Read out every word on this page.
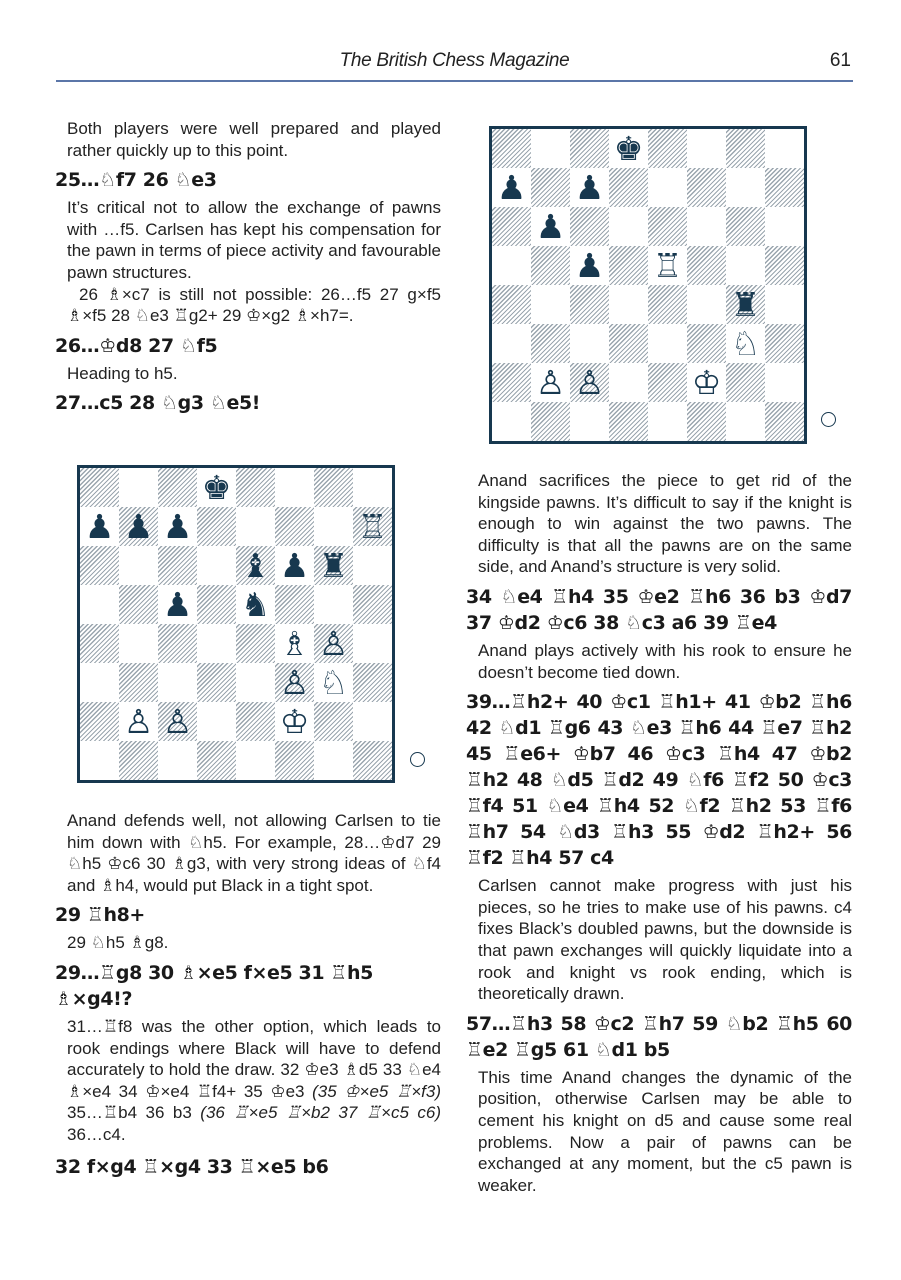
The British Chess Magazine	61

Both players were well prepared and played rather quickly up to this point.

25…♘f7 26 ♘e3

It’s critical not to allow the exchange of pawns with …f5. Carlsen has kept his compensation for the pawn in terms of piece activity and favourable pawn structures.

26 ♗×c7 is still not possible: 26…f5 27 g×f5 ♗×f5 28 ♘e3 ♖g2+ 29 ♔×g2 ♗×h7=.

26…♔d8 27 ♘f5

Heading to h5.

27…c5 28 ♘g3 ♘e5!
♚
♟ ♟ ♟	♖
♝ ♟ ♜
♟ ♞
♗ ♙
♙ ♘
♙ ♙	♔

Anand defends well, not allowing Carlsen to tie him down with ♘h5. For example, 28…♔d7 29 ♘h5 ♔c6 30 ♗g3, with very strong ideas of ♘f4 and ♗h4, would put Black in a tight spot.

29 ♖h8+

29 ♘h5 ♗g8.

29…♖g8 30 ♗×e5 f×e5 31 ♖h5 ♗×g4!?

31…♖f8 was the other option, which leads to rook endings where Black will have to defend accurately to hold the draw. 32 ♔e3 ♗d5 33 ♘e4 ♗×e4 34 ♔×e4 ♖f4+ 35 ♔e3 (35 ♔×e5 ♖×f3) 35…♖b4 36 b3 (36 ♖×e5 ♖×b2 37 ♖×c5 c6) 36…c4.

32 f×g4 ♖×g4 33 ♖×e5 b6
♚
♟ ♟
♟
♟ ♖
♜
♘
♙ ♙	♔

Anand sacrifices the piece to get rid of the kingside pawns. It’s difficult to say if the knight is enough to win against the two pawns. The difficulty is that all the pawns are on the same side, and Anand’s structure is very solid.

34 ♘e4 ♖h4 35 ♔e2 ♖h6 36 b3 ♔d7 37 ♔d2 ♔c6 38 ♘c3 a6 39 ♖e4

Anand plays actively with his rook to ensure he doesn’t become tied down.

39…♖h2+ 40 ♔c1 ♖h1+ 41 ♔b2 ♖h6 42 ♘d1 ♖g6 43 ♘e3 ♖h6 44 ♖e7 ♖h2 45 ♖e6+ ♔b7 46 ♔c3 ♖h4 47 ♔b2 ♖h2 48 ♘d5 ♖d2 49 ♘f6 ♖f2 50 ♔c3 ♖f4 51 ♘e4 ♖h4 52 ♘f2 ♖h2 53 ♖f6 ♖h7 54 ♘d3 ♖h3 55 ♔d2 ♖h2+ 56 ♖f2 ♖h4 57 c4

Carlsen cannot make progress with just his pieces, so he tries to make use of his pawns. c4 fixes Black’s doubled pawns, but the downside is that pawn exchanges will quickly liquidate into a rook and knight vs rook ending, which is theoretically drawn.

57…♖h3 58 ♔c2 ♖h7 59 ♘b2 ♖h5 60 ♖e2 ♖g5 61 ♘d1 b5

This time Anand changes the dynamic of the position, otherwise Carlsen may be able to cement his knight on d5 and cause some real problems. Now a pair of pawns can be exchanged at any moment, but the c5 pawn is weaker.
